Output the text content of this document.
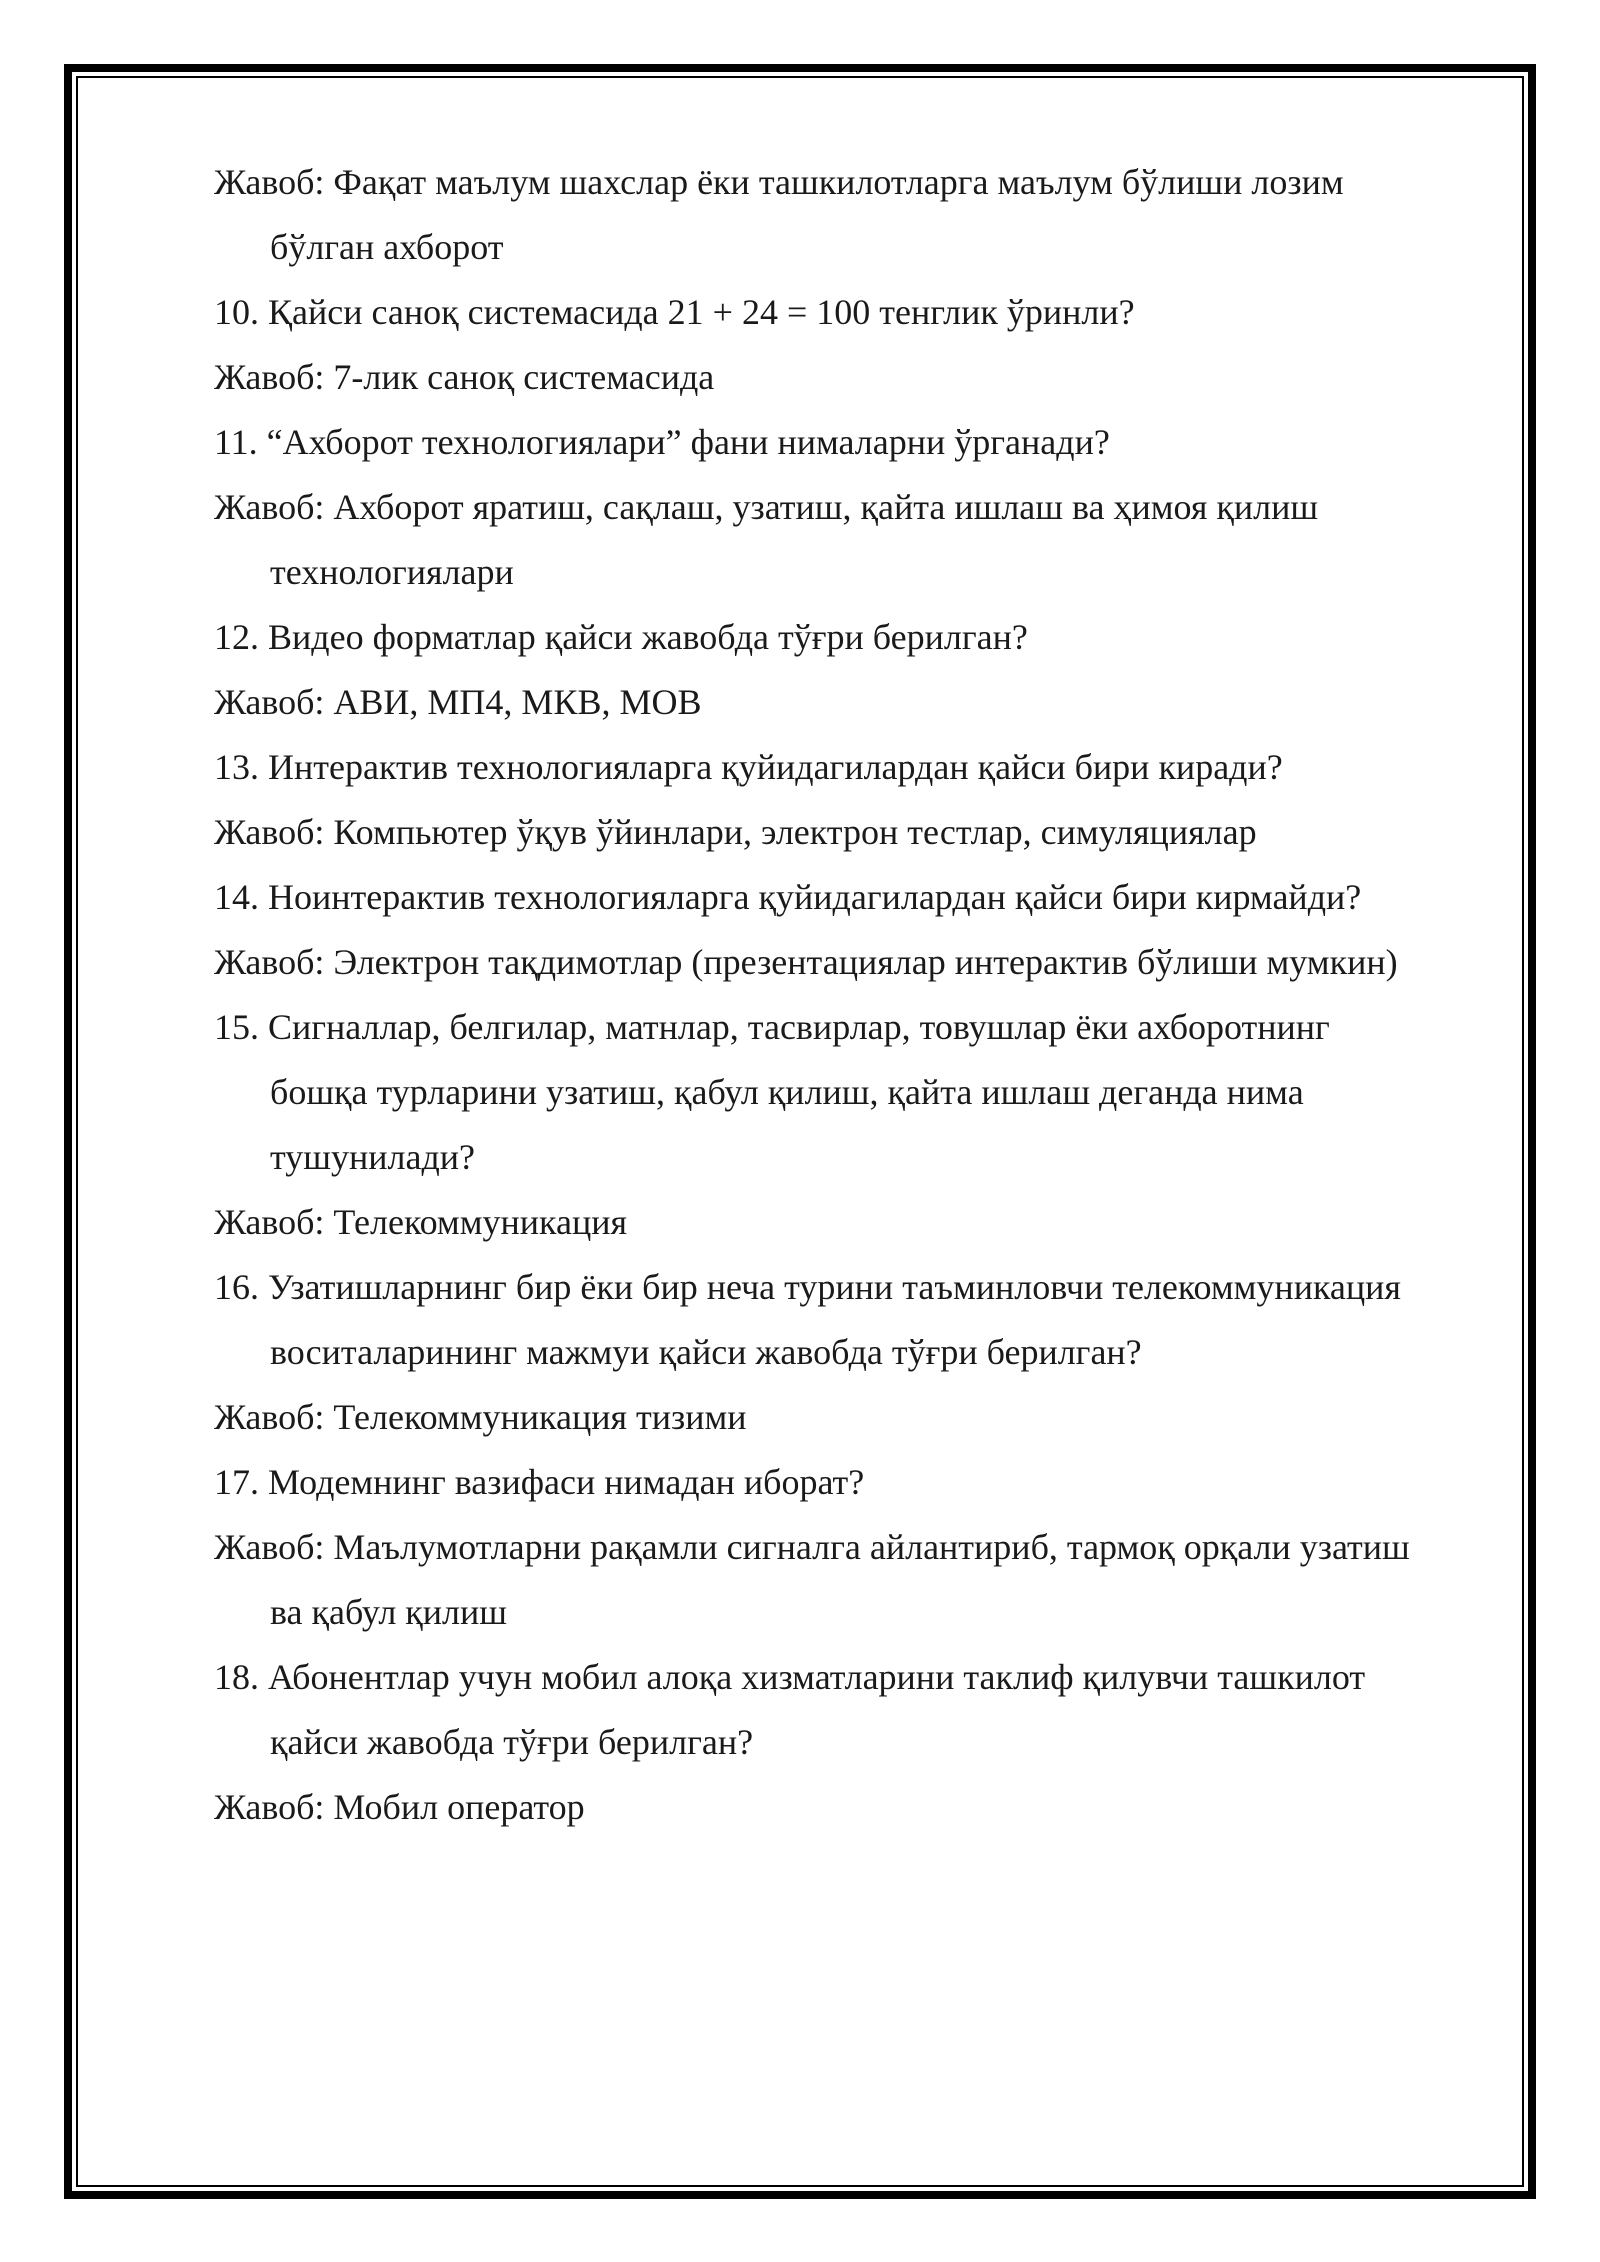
Жавоб: Фақат маълум шахслар ёки ташкилотларга маълум бўлиши лозим бўлган ахборот

10. Қайси саноқ системасида 21 + 24 = 100 тенглик ўринли?

Жавоб: 7-лик саноқ системасида

11. “Ахборот технологиялари” фани нималарни ўрганади?

Жавоб: Ахборот яратиш, сақлаш, узатиш, қайта ишлаш ва ҳимоя қилиш технологиялари

12. Видео форматлар қайси жавобда тўғри берилган?

Жавоб: АВИ, МП4, МКВ, МОВ

13. Интерактив технологияларга қуйидагилардан қайси бири киради?

Жавоб: Компьютер ўқув ўйинлари, электрон тестлар, симуляциялар

14. Ноинтерактив технологияларга қуйидагилардан қайси бири кирмайди?

Жавоб: Электрон тақдимотлар (презентациялар интерактив бўлиши мумкин)

15. Сигналлар, белгилар, матнлар, тасвирлар, товушлар ёки ахборотнинг бошқа турларини узатиш, қабул қилиш, қайта ишлаш деганда нима тушунилади?

Жавоб: Телекоммуникация

16. Узатишларнинг бир ёки бир неча турини таъминловчи телекоммуникация воситаларининг мажмуи қайси жавобда тўғри берилган?

Жавоб: Телекоммуникация тизими

17. Модемнинг вазифаси нимадан иборат?

Жавоб: Маълумотларни рақамли сигналга айлантириб, тармоқ орқали узатиш ва қабул қилиш

18. Абонентлар учун мобил алоқа хизматларини таклиф қилувчи ташкилот қайси жавобда тўғри берилган?

Жавоб: Мобил оператор
